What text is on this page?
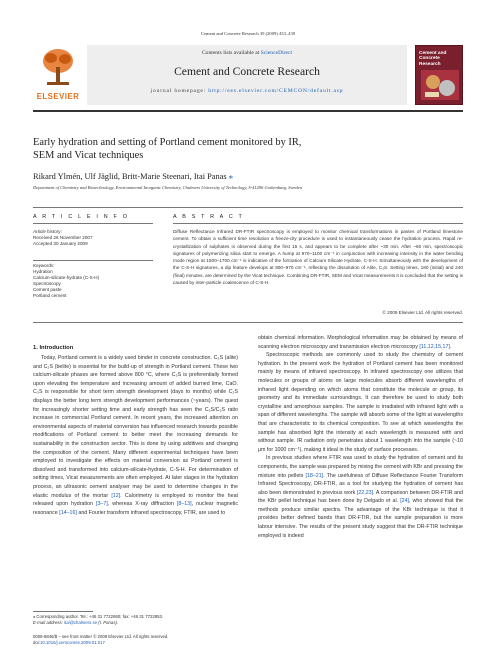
Cement and Concrete Research 39 (2009) 433–439
ELSEVIER
Contents lists available at ScienceDirect
Cement and Concrete Research
journal homepage: http://ees.elsevier.com/CEMCON/default.asp
Cement and Concrete Research
Early hydration and setting of Portland cement monitored by IR,
SEM and Vicat techniques
Rikard Ylmén, Ulf Jäglid, Britt-Marie Steenari, Itai Panas ⁎
Department of Chemistry and Biotechnology, Environmental Inorganic Chemistry, Chalmers University of Technology, S-41296 Gothenburg, Sweden
A R T I C L E I N F O	A B S T R A C T
Article history:
Received 26 November 2007
Accepted 30 January 2009
Keywords:
Hydration
Calcium-silicate-hydrate (C-S-H)
Spectroscopy
Cement paste
Portland cement
Diffuse Reflectance Infrared DR-FTIR spectroscopy is employed to monitor chemical transformations in pastes of Portland limestone cement. To obtain a sufficient time resolution a freeze-dry procedure is used to instantaneously cease the hydration process. Rapid re-crystallization of sulphates is observed during the first 15 s, and appears to be complete after ~30 min. After ~60 min, spectroscopic signatures of polymerizing silica start to emerge. A hump at 970–1100 cm⁻¹ in conjunction with increasing intensity in the water bending mode region at 1500–1700 cm⁻¹ is indicative of the formation of Calcium Silicate Hydrate, C-S-H. Simultaneously with the development of the C-S-H signatures, a dip feature develops at 800–970 cm⁻¹, reflecting the dissolution of Alite, C₃S. Setting times, 180 (initial) and 240 (final) minutes, are determined by the Vicat technique. Combining DR-FTIR, SEM and Vicat measurements it is concluded that the setting is caused by inter-particle coalescence of C-S-H.
© 2009 Elsevier Ltd. All rights reserved.
1. Introduction

Today, Portland cement is a widely used binder in concrete construction. C₃S (alite) and C₂S (belite) is essential for the build-up of strength in Portland cement. These two calcium-silicate phases are formed above 800 °C, where C₃S is preferentially formed upon elevating the temperature and increasing amount of added burned lime, CaO. C₃S is responsible for short term strength development (days to months) while C₂S displays the better long term strength development performances (~years). The quest for increasingly shorter setting time and early strength has seen the C₃S/C₂S ratio increase in commercial Portland cement. In recent years, the increased attention on environmental aspects of material conversion has influenced research towards possible modifications of Portland cement to better meet the increasing demands for sustainability in the construction sector. This is done by using additives and changing the composition of the cement. Many different experimental techniques have been employed to investigate the effects on material conversion as Portland cement is dissolved and transformed into calcium-silicate-hydrate, C-S-H. For determination of setting times, Vicat measurements are often employed. At later stages in the hydration process, an ultrasonic cement analyser may be used to determine changes in the elastic modulus of the mortar [12]. Calorimetry is employed to monitor the heat released upon hydration [3–7], whereas X-ray diffraction [8–13], nuclear magnetic resonance [14–16] and Fourier transform infrared spectroscopy, FTIR, are used to

obtain chemical information. Morphological information may be obtained by means of scanning electron microscopy and transmission electron microscopy [11,12,15,17].

Spectroscopic methods are commonly used to study the chemistry of cement hydration. In the present work the hydration of Portland cement has been monitored mainly by means of infrared spectroscopy. In infrared spectroscopy one utilizes that molecules or groups of atoms on large molecules absorb different wavelengths of infrared light depending on which atoms that constitute the molecule or group, its geometry and its immediate surroundings. It can therefore be used to study both crystalline and amorphous samples. The sample is irradiated with infrared light with a span of different wavelengths. The sample will absorb some of the light at wavelengths that are characteristic to its chemical composition. To see at which wavelengths the sample has absorbed light the intensity at each wavelength is measured with and without sample. IR radiation only penetrates about 1 wavelength into the sample (~10 μm for 1000 cm⁻¹), making it ideal in the study of surface processes.

In previous studies where FTIR was used to study the hydration of cement and its components, the sample was prepared by mixing the cement with KBr and pressing the mixture into pellets [18–21]. The usefulness of Diffuse Reflectance Fourier Transform Infrared Spectroscopy, DR-FTIR, as a tool for studying the hydration of cement has also been demonstrated in previous work [22,23]. A comparison between DR-FTIR and the KBr pellet technique has been done by Delgado et al. [24], who showed that the methods produce similar spectra. The advantage of the KBr technique is that it provides better defined bands than DR-FTIR, but the sample preparation is more labour intensive. The results of the present study suggest that the DR-FTIR technique employed is indeed

⁎ Corresponding author. Tel.: +46 31 7722860; fax: +46 31 7722853.
E-mail address: itai@chalmers.se (I. Panas).
0008-8846/$ – see front matter © 2009 Elsevier Ltd. All rights reserved.
doi:10.1016/j.cemconres.2009.01.017
